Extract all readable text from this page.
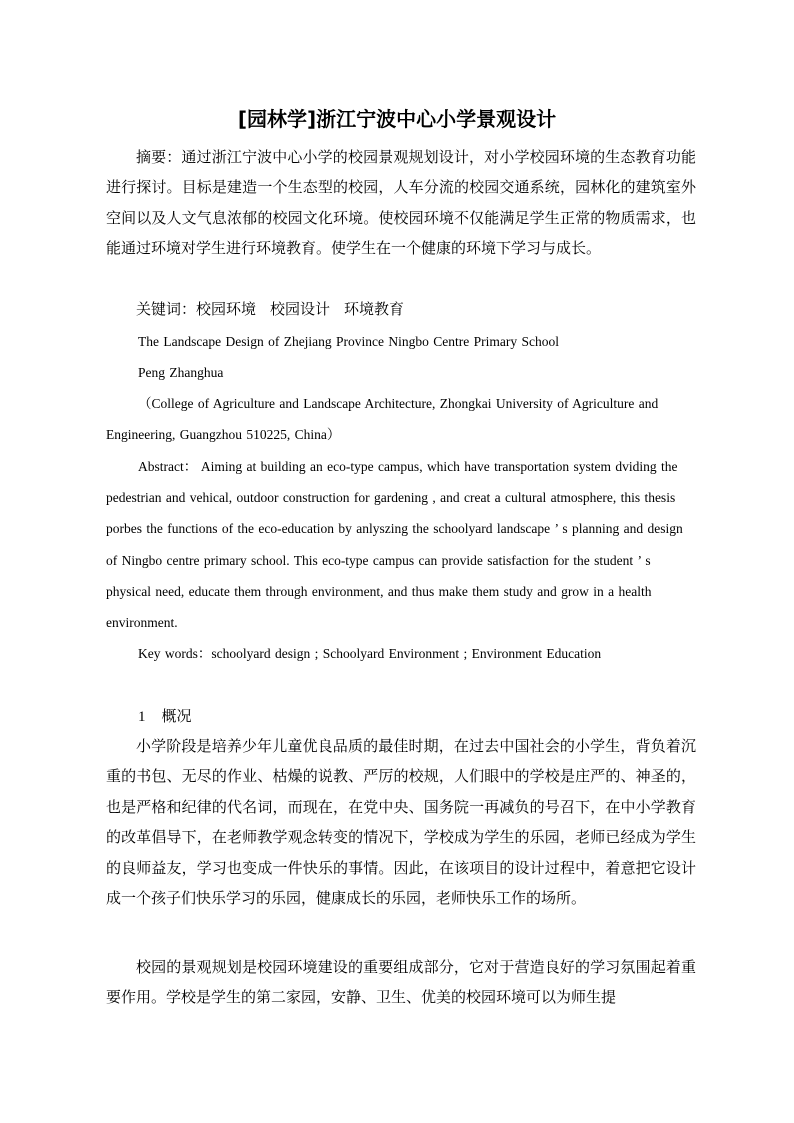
[园林学]浙江宁波中心小学景观设计

摘要：通过浙江宁波中心小学的校园景观规划设计，对小学校园环境的生态教育功能进行探讨。目标是建造一个生态型的校园，人车分流的校园交通系统，园林化的建筑室外空间以及人文气息浓郁的校园文化环境。使校园环境不仅能满足学生正常的物质需求，也能通过环境对学生进行环境教育。使学生在一个健康的环境下学习与成长。

关键词：校园环境 校园设计 环境教育

The Landscape Design of Zhejiang Province Ningbo Centre Primary School

Peng Zhanghua

（College of Agriculture and Landscape Architecture, Zhongkai University of Agriculture and Engineering, Guangzhou 510225, China）

Abstract： Aiming at building an eco-type campus, which have transportation system dviding the pedestrian and vehical, outdoor construction for gardening , and creat a cultural atmosphere, this thesis porbes the functions of the eco-education by anlyszing the schoolyard landscape ’ s planning and design of Ningbo centre primary school. This eco-type campus can provide satisfaction for the student ’ s physical need, educate them through environment, and thus make them study and grow in a health environment.

Key words：schoolyard design ; Schoolyard Environment ; Environment Education

1 概况

小学阶段是培养少年儿童优良品质的最佳时期，在过去中国社会的小学生，背负着沉重的书包、无尽的作业、枯燥的说教、严厉的校规，人们眼中的学校是庄严的、神圣的，也是严格和纪律的代名词，而现在，在党中央、国务院一再减负的号召下，在中小学教育的改革倡导下，在老师教学观念转变的情况下，学校成为学生的乐园，老师已经成为学生的良师益友，学习也变成一件快乐的事情。因此，在该项目的设计过程中，着意把它设计成一个孩子们快乐学习的乐园，健康成长的乐园，老师快乐工作的场所。

校园的景观规划是校园环境建设的重要组成部分，它对于营造良好的学习氛围起着重要作用。学校是学生的第二家园，安静、卫生、优美的校园环境可以为师生提
